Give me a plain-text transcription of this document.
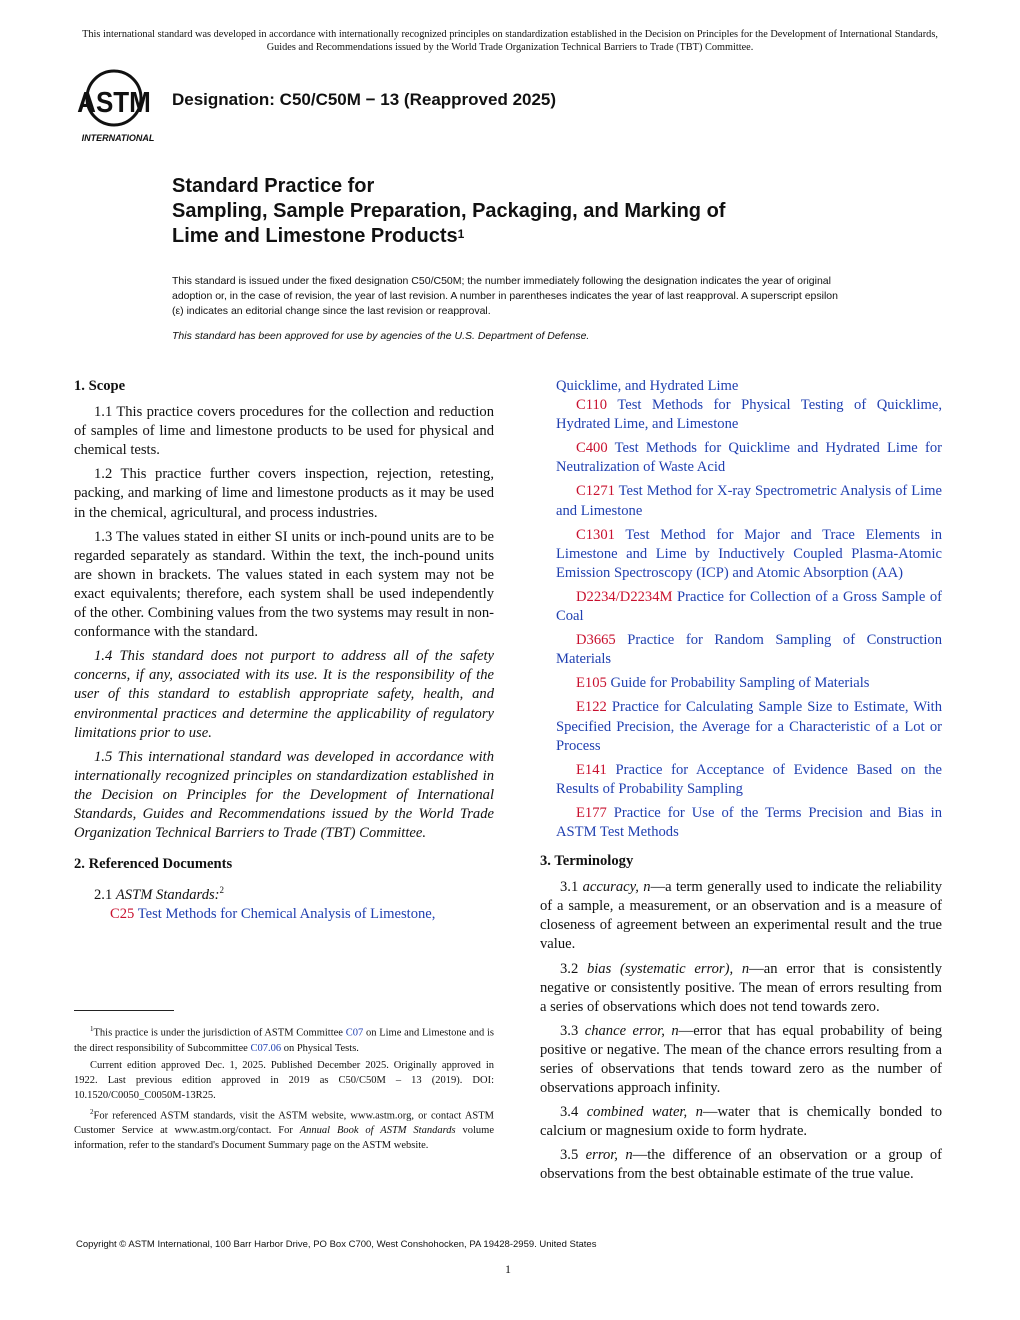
This international standard was developed in accordance with internationally recognized principles on standardization established in the Decision on Principles for the Development of International Standards, Guides and Recommendations issued by the World Trade Organization Technical Barriers to Trade (TBT) Committee.
ASTM
INTERNATIONAL
Designation: C50/C50M − 13 (Reapproved 2025)
Standard Practice for
Sampling, Sample Preparation, Packaging, and Marking of
Lime and Limestone Products$^1$
This standard is issued under the fixed designation C50/C50M; the number immediately following the designation indicates the year of original adoption or, in the case of revision, the year of last revision. A number in parentheses indicates the year of last reapproval. A superscript epsilon (ε) indicates an editorial change since the last revision or reapproval.
This standard has been approved for use by agencies of the U.S. Department of Defense.
1. Scope

1.1 This practice covers procedures for the collection and reduction of samples of lime and limestone products to be used for physical and chemical tests.

1.2 This practice further covers inspection, rejection, retesting, packing, and marking of lime and limestone products as it may be used in the chemical, agricultural, and process industries.

1.3 The values stated in either SI units or inch-pound units are to be regarded separately as standard. Within the text, the inch-pound units are shown in brackets. The values stated in each system may not be exact equivalents; therefore, each system shall be used independently of the other. Combining values from the two systems may result in non-conformance with the standard.

1.4 This standard does not purport to address all of the safety concerns, if any, associated with its use. It is the responsibility of the user of this standard to establish appropriate safety, health, and environmental practices and determine the applicability of regulatory limitations prior to use.

1.5 This international standard was developed in accordance with internationally recognized principles on standardization established in the Decision on Principles for the Development of International Standards, Guides and Recommendations issued by the World Trade Organization Technical Barriers to Trade (TBT) Committee.

2. Referenced Documents

2.1 ASTM Standards:$^2$

C25 Test Methods for Chemical Analysis of Limestone,

Quicklime, and Hydrated Lime

C110 Test Methods for Physical Testing of Quicklime, Hydrated Lime, and Limestone

C400 Test Methods for Quicklime and Hydrated Lime for Neutralization of Waste Acid

C1271 Test Method for X-ray Spectrometric Analysis of Lime and Limestone

C1301 Test Method for Major and Trace Elements in Limestone and Lime by Inductively Coupled Plasma-Atomic Emission Spectroscopy (ICP) and Atomic Absorption (AA)

D2234/D2234M Practice for Collection of a Gross Sample of Coal

D3665 Practice for Random Sampling of Construction Materials

E105 Guide for Probability Sampling of Materials

E122 Practice for Calculating Sample Size to Estimate, With Specified Precision, the Average for a Characteristic of a Lot or Process

E141 Practice for Acceptance of Evidence Based on the Results of Probability Sampling

E177 Practice for Use of the Terms Precision and Bias in ASTM Test Methods

3. Terminology

3.1 accuracy, n—a term generally used to indicate the reliability of a sample, a measurement, or an observation and is a measure of closeness of agreement between an experimental result and the true value.

3.2 bias (systematic error), n—an error that is consistently negative or consistently positive. The mean of errors resulting from a series of observations which does not tend towards zero.

3.3 chance error, n—error that has equal probability of being positive or negative. The mean of the chance errors resulting from a series of observations that tends toward zero as the number of observations approach infinity.

3.4 combined water, n—water that is chemically bonded to calcium or magnesium oxide to form hydrate.

3.5 error, n—the difference of an observation or a group of observations from the best obtainable estimate of the true value.

$^1$This practice is under the jurisdiction of ASTM Committee C07 on Lime and Limestone and is the direct responsibility of Subcommittee C07.06 on Physical Tests.

Current edition approved Dec. 1, 2025. Published December 2025. Originally approved in 1922. Last previous edition approved in 2019 as C50/C50M – 13 (2019). DOI: 10.1520/C0050_C0050M-13R25.

$^2$For referenced ASTM standards, visit the ASTM website, www.astm.org, or contact ASTM Customer Service at www.astm.org/contact. For Annual Book of ASTM Standards volume information, refer to the standard's Document Summary page on the ASTM website.

Copyright © ASTM International, 100 Barr Harbor Drive, PO Box C700, West Conshohocken, PA 19428-2959. United States
1
